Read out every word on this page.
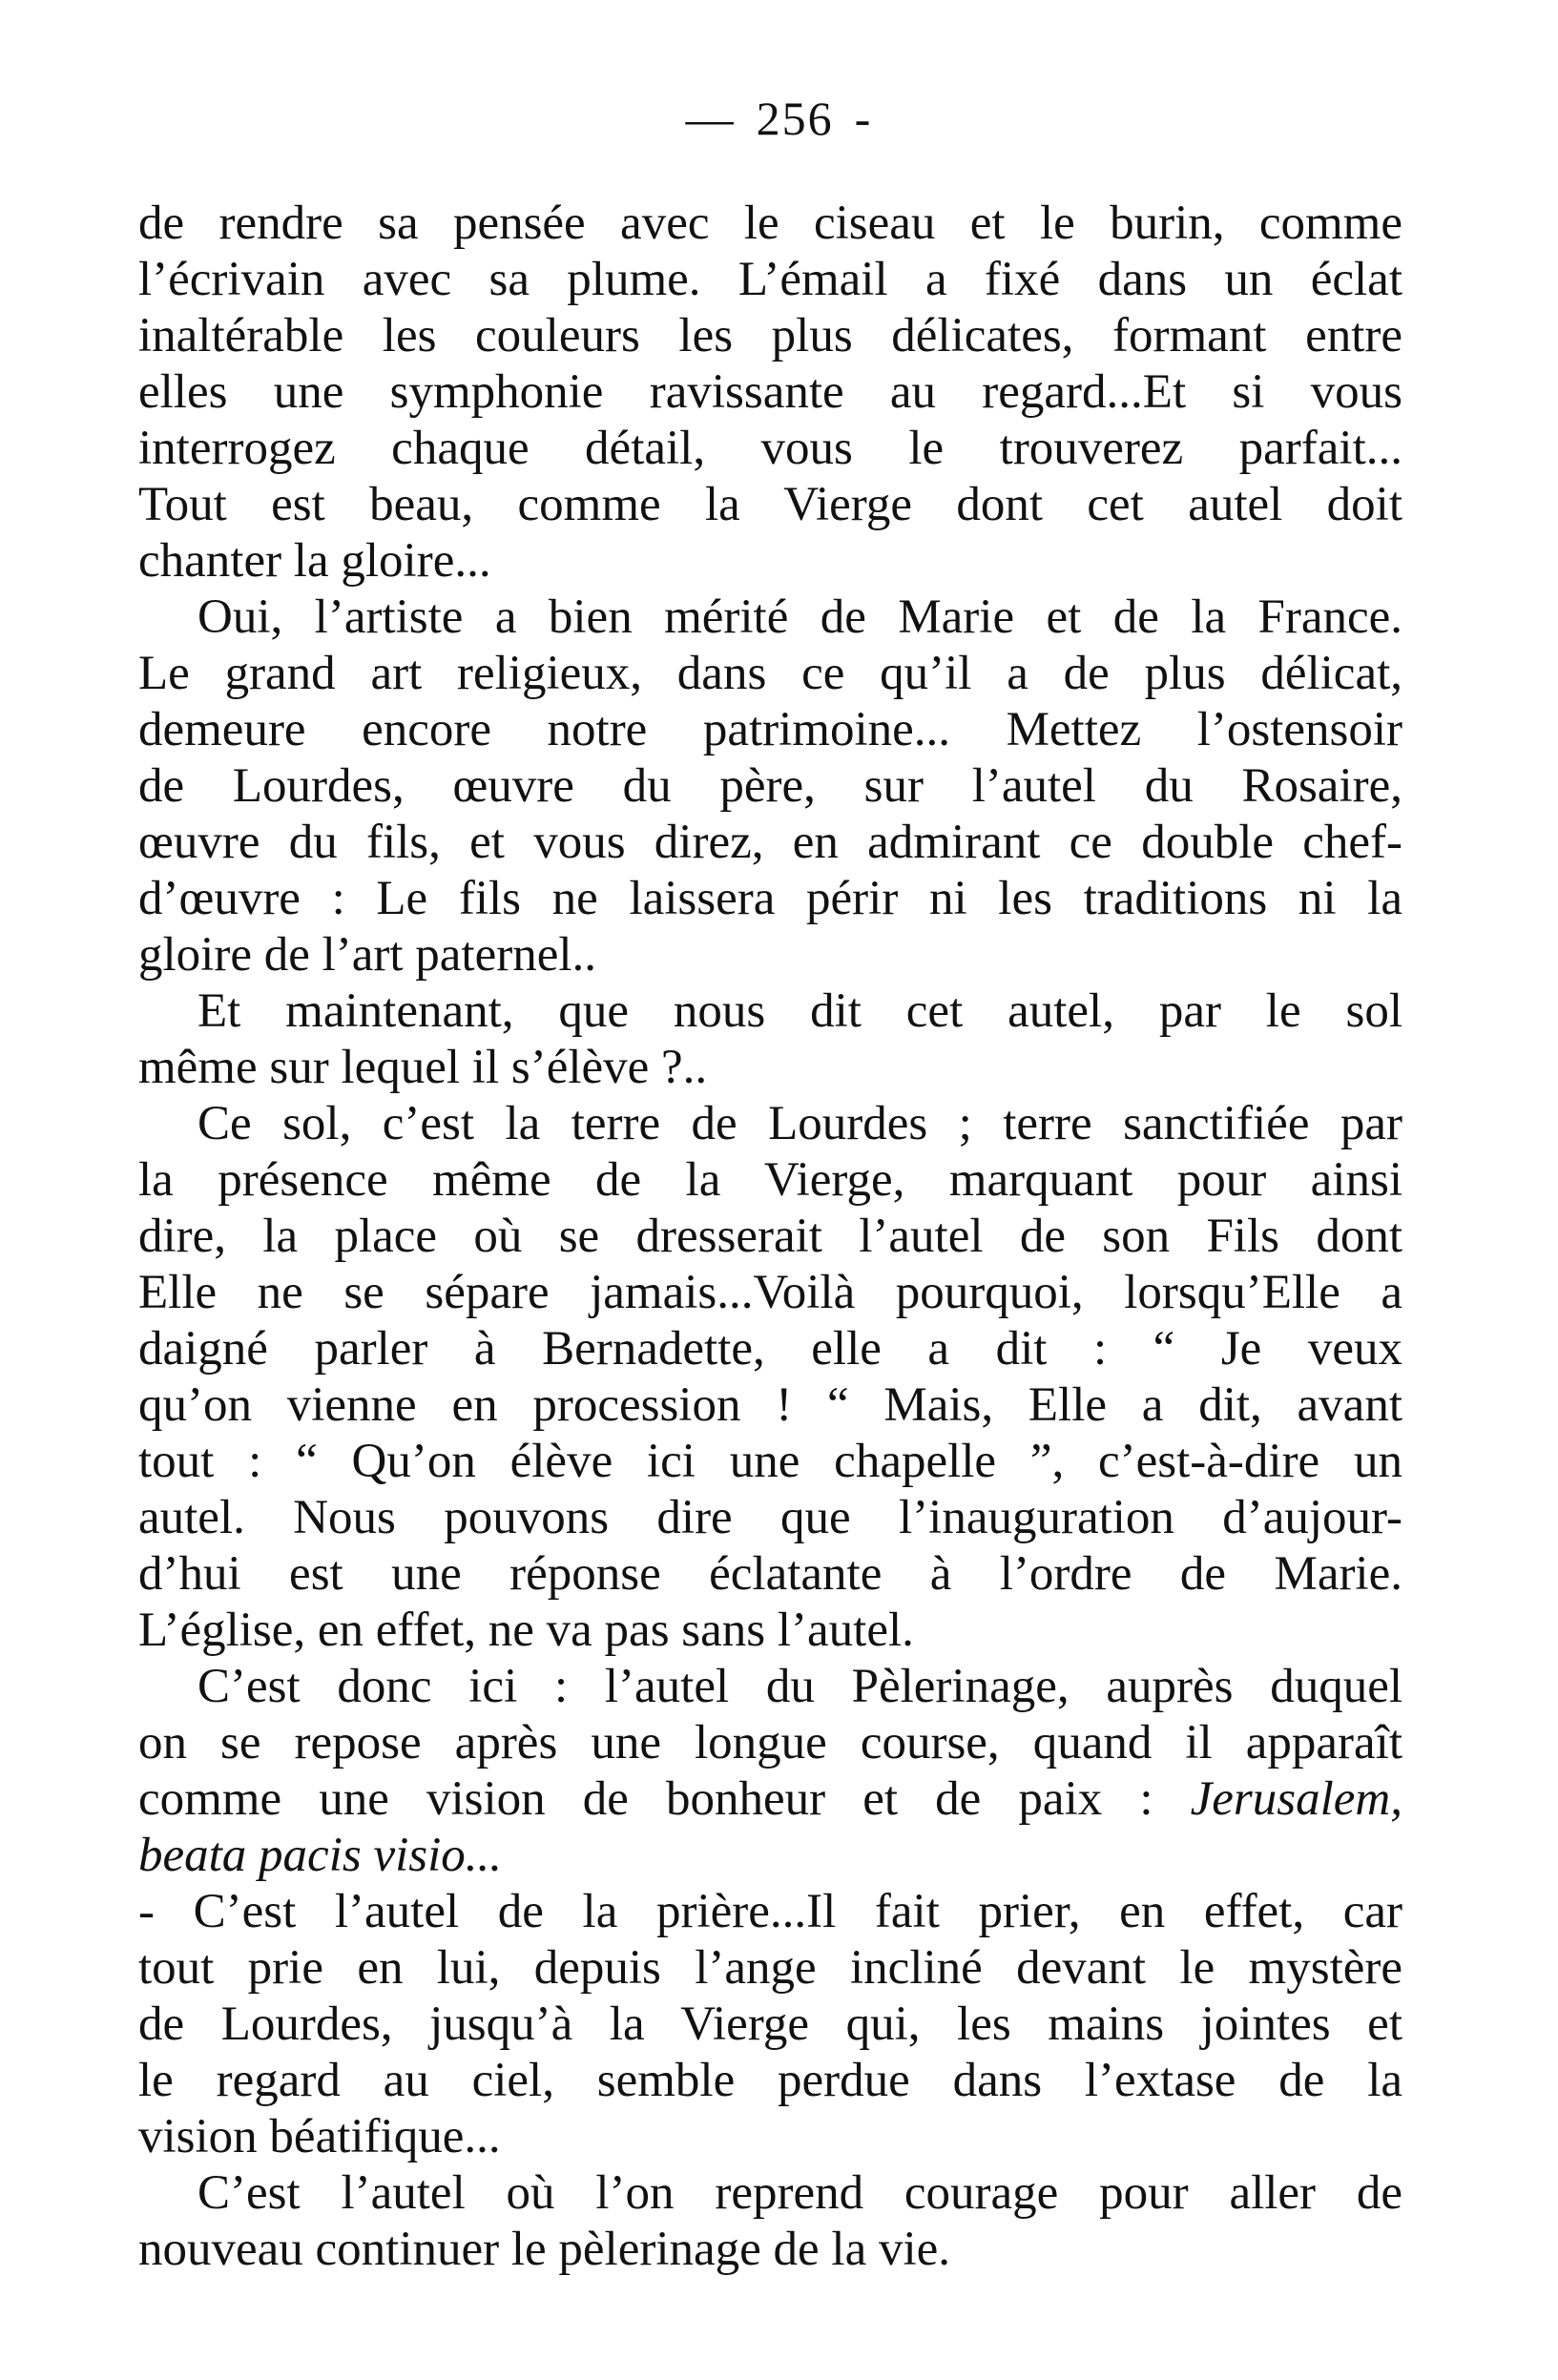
— 256 -
de rendre sa pensée avec le ciseau et le burin, comme
l’écrivain avec sa plume. L’émail a fixé dans un éclat
inaltérable les couleurs les plus délicates, formant entre
elles une symphonie ravissante au regard...Et si vous
interrogez chaque détail, vous le trouverez parfait...
Tout est beau, comme la Vierge dont cet autel doit
chanter la gloire...
Oui, l’artiste a bien mérité de Marie et de la France.
Le grand art religieux, dans ce qu’il a de plus délicat,
demeure encore notre patrimoine... Mettez l’ostensoir
de Lourdes, œuvre du père, sur l’autel du Rosaire,
œuvre du fils, et vous direz, en admirant ce double chef-
d’œuvre : Le fils ne laissera périr ni les traditions ni la
gloire de l’art paternel..
Et maintenant, que nous dit cet autel, par le sol
même sur lequel il s’élève ?..
Ce sol, c’est la terre de Lourdes ; terre sanctifiée par
la présence même de la Vierge, marquant pour ainsi
dire, la place où se dresserait l’autel de son Fils dont
Elle ne se sépare jamais...Voilà pourquoi, lorsqu’Elle a
daigné parler à Bernadette, elle a dit : “ Je veux
qu’on vienne en procession ! “ Mais, Elle a dit, avant
tout : “ Qu’on élève ici une chapelle ”, c’est-à-dire un
autel. Nous pouvons dire que l’inauguration d’aujour-
d’hui est une réponse éclatante à l’ordre de Marie.
L’église, en effet, ne va pas sans l’autel.
C’est donc ici : l’autel du Pèlerinage, auprès duquel
on se repose après une longue course, quand il apparaît
comme une vision de bonheur et de paix : Jerusalem,
beata pacis visio...
- C’est l’autel de la prière...Il fait prier, en effet, car
tout prie en lui, depuis l’ange incliné devant le mystère
de Lourdes, jusqu’à la Vierge qui, les mains jointes et
le regard au ciel, semble perdue dans l’extase de la
vision béatifique...
C’est l’autel où l’on reprend courage pour aller de
nouveau continuer le pèlerinage de la vie.
